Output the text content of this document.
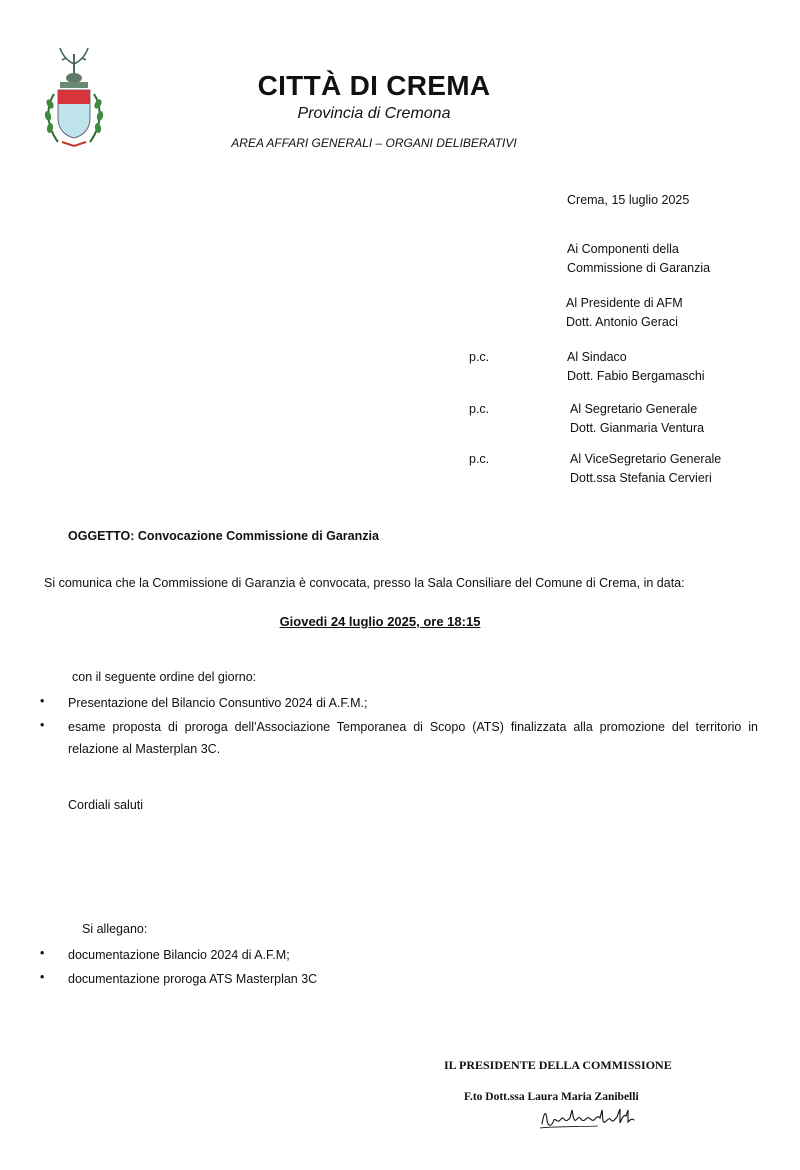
CITTÀ DI CREMA
Provincia di Cremona
AREA AFFARI GENERALI – ORGANI DELIBERATIVI
Crema, 15 luglio 2025
Ai Componenti della
Commissione di Garanzia
Al Presidente di AFM
Dott. Antonio Geraci
p.c.	Al Sindaco
Dott. Fabio Bergamaschi
p.c.	Al Segretario Generale
Dott. Gianmaria Ventura
p.c.	Al ViceSegretario Generale
Dott.ssa Stefania Cervieri
OGGETTO: Convocazione Commissione di Garanzia
Si comunica che la Commissione di Garanzia è convocata, presso la Sala Consiliare del Comune di Crema, in data:
Giovedi 24 luglio 2025, ore 18:15
con il seguente ordine del giorno:
• Presentazione del Bilancio Consuntivo 2024 di A.F.M.;
• esame proposta di proroga dell'Associazione Temporanea di Scopo (ATS) finalizzata alla promozione del territorio in relazione al Masterplan 3C.
Cordiali saluti
Si allegano:
• documentazione Bilancio 2024 di A.F.M;
• documentazione proroga ATS Masterplan 3C
IL PRESIDENTE DELLA COMMISSIONE
F.to Dott.ssa Laura Maria Zanibelli
